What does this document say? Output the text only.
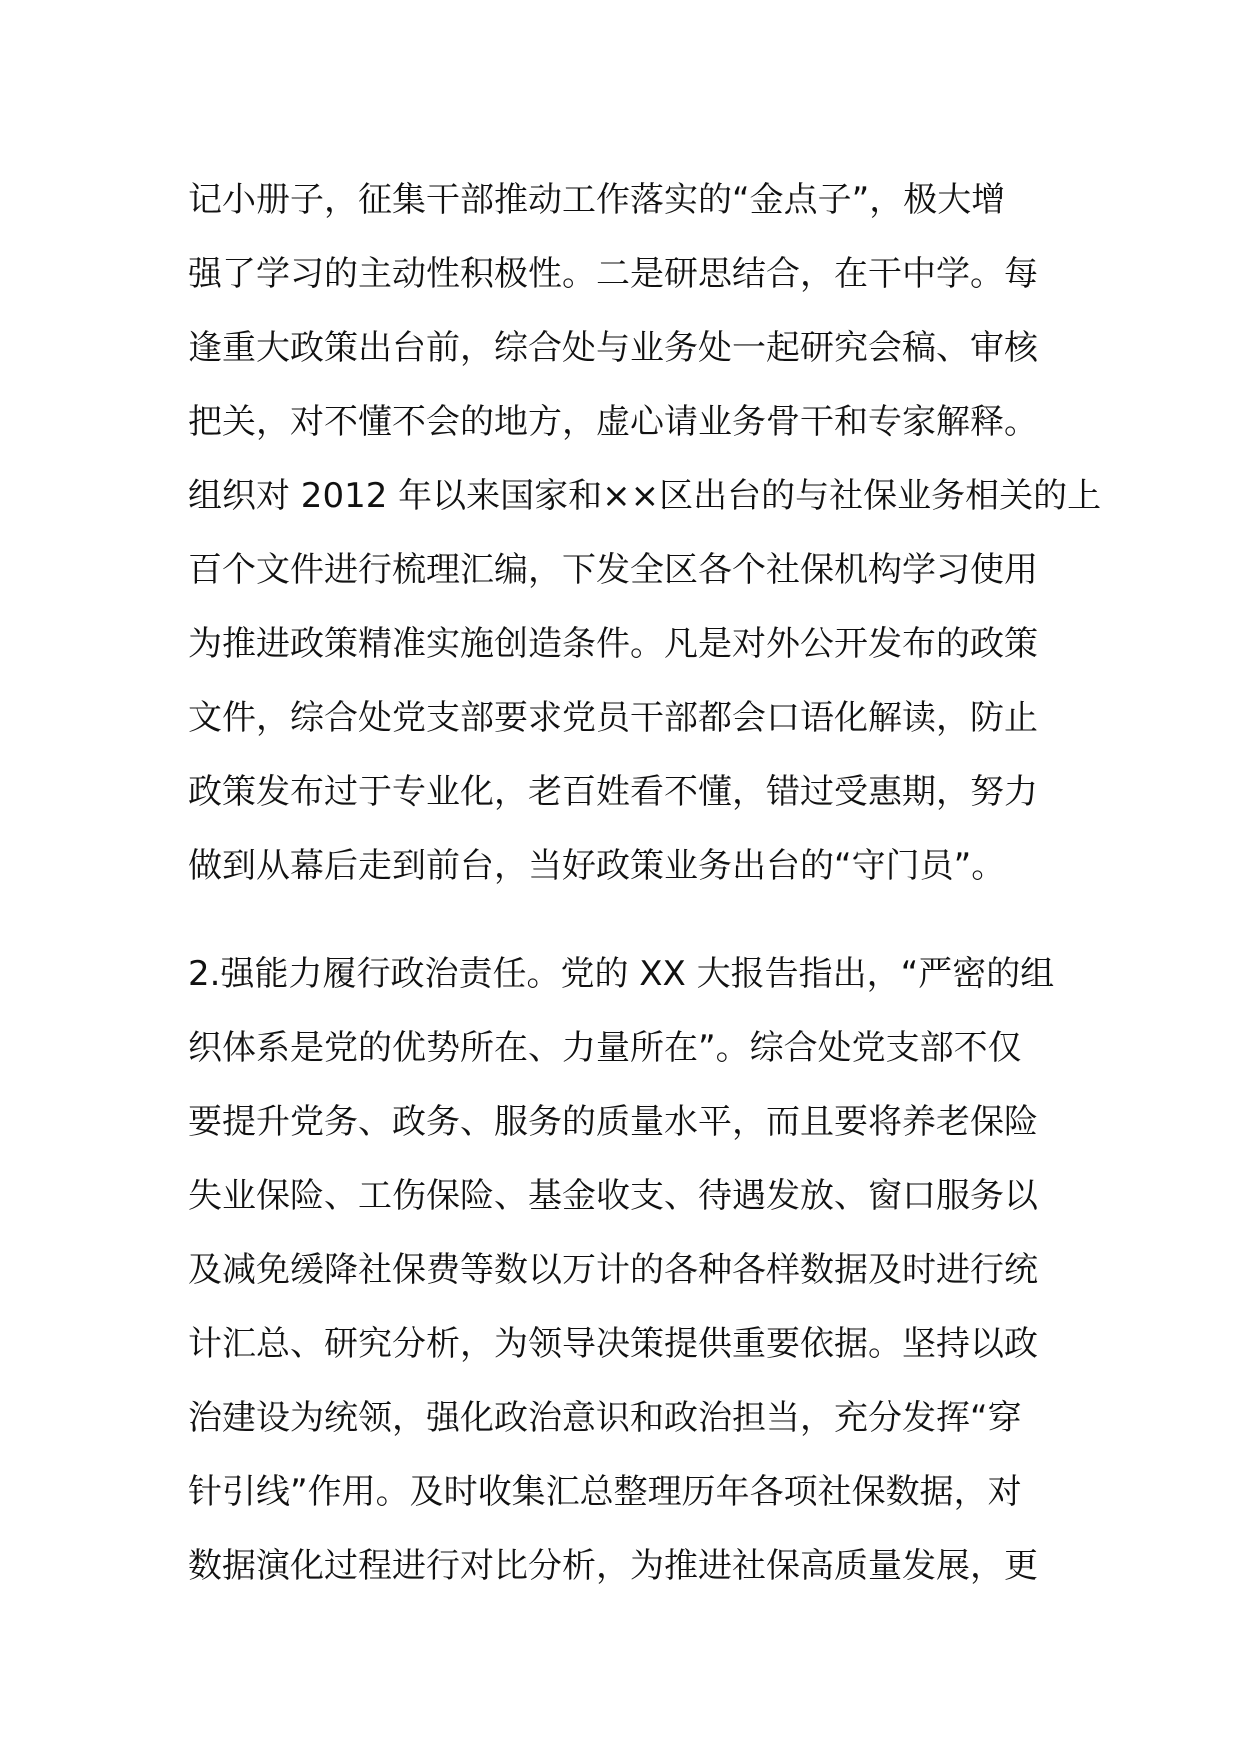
记小册子，征集干部推动工作落实的“金点子”，极大增
强了学习的主动性积极性。二是研思结合，在干中学。每
逢重大政策出台前，综合处与业务处一起研究会稿、审核
把关，对不懂不会的地方，虚心请业务骨干和专家解释。
组织对 2012 年以来国家和××区出台的与社保业务相关的上
百个文件进行梳理汇编，下发全区各个社保机构学习使用
为推进政策精准实施创造条件。凡是对外公开发布的政策
文件，综合处党支部要求党员干部都会口语化解读，防止
政策发布过于专业化，老百姓看不懂，错过受惠期，努力
做到从幕后走到前台，当好政策业务出台的“守门员”。
2.强能力履行政治责任。党的 XX 大报告指出，“严密的组
织体系是党的优势所在、力量所在”。综合处党支部不仅
要提升党务、政务、服务的质量水平，而且要将养老保险
失业保险、工伤保险、基金收支、待遇发放、窗口服务以
及减免缓降社保费等数以万计的各种各样数据及时进行统
计汇总、研究分析，为领导决策提供重要依据。坚持以政
治建设为统领，强化政治意识和政治担当，充分发挥“穿
针引线”作用。及时收集汇总整理历年各项社保数据，对
数据演化过程进行对比分析，为推进社保高质量发展，更
